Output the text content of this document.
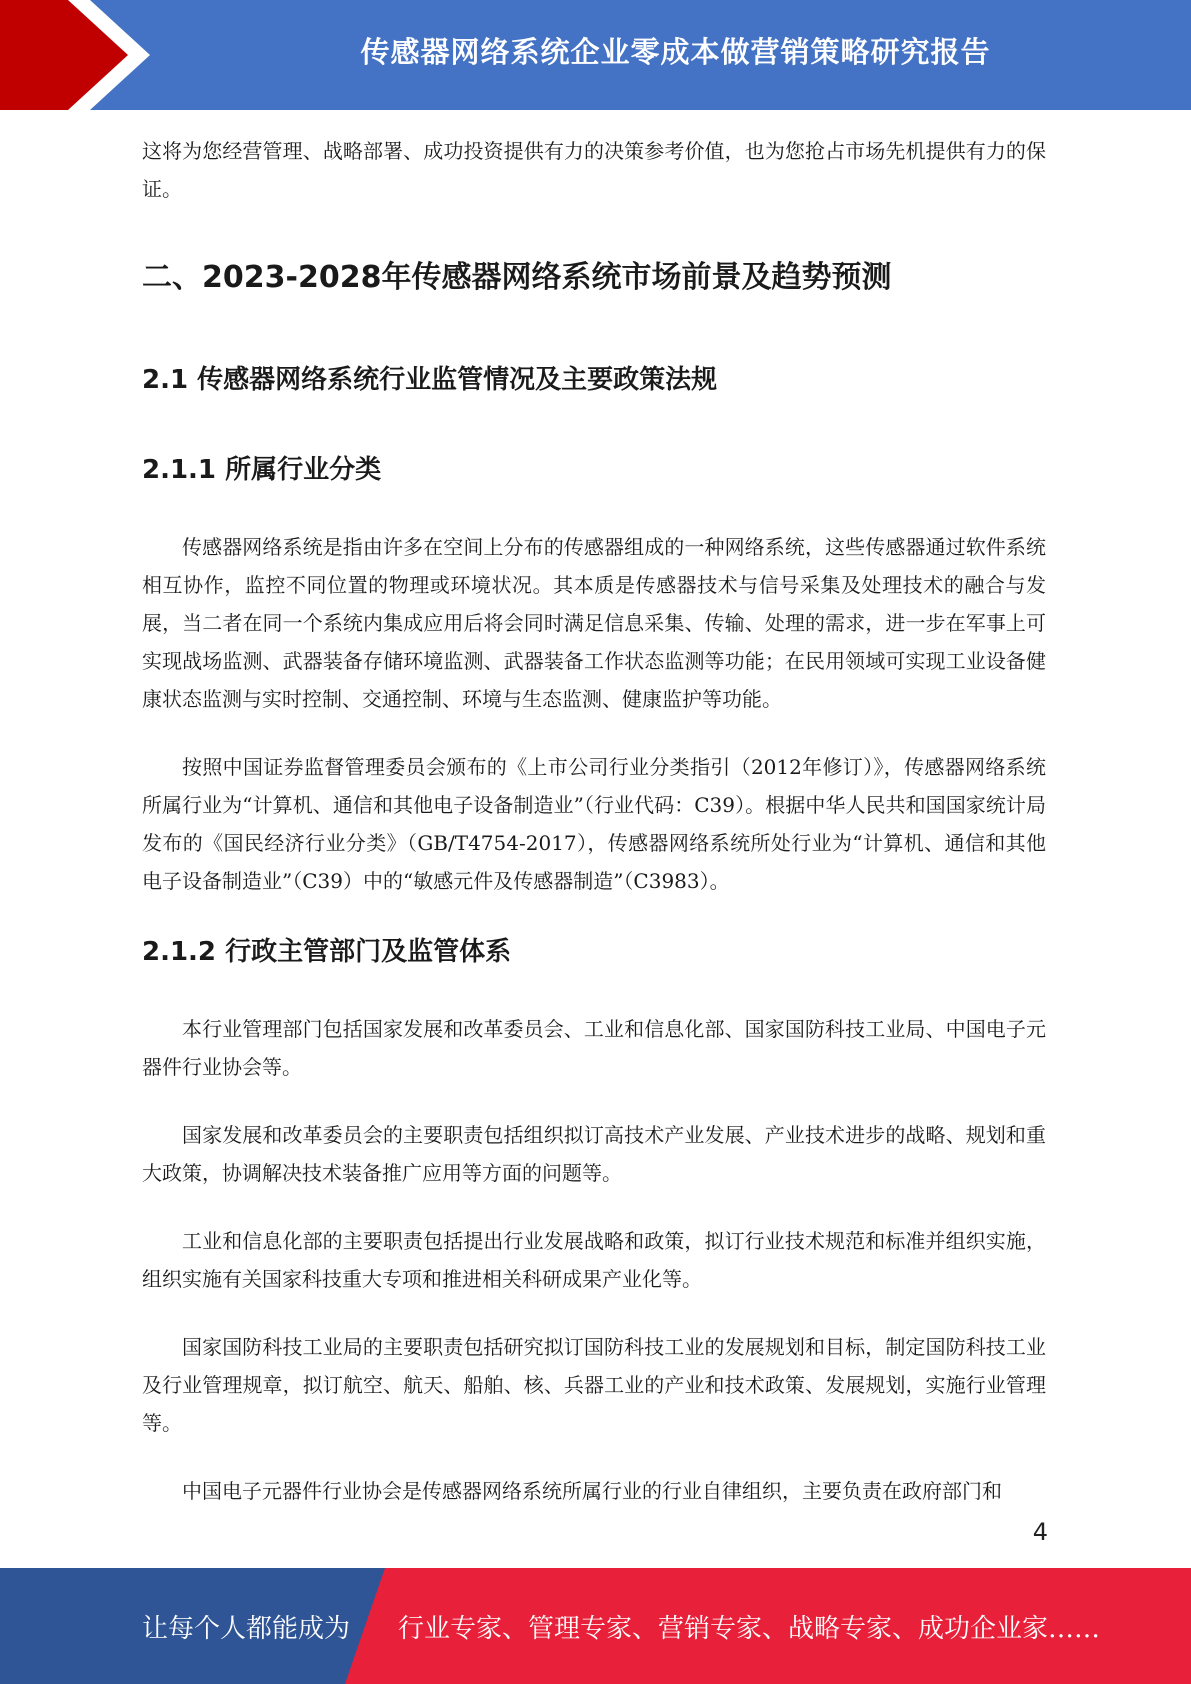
传感器网络系统企业零成本做营销策略研究报告

这将为您经营管理、战略部署、成功投资提供有力的决策参考价值，也为您抢占市场先机提供有力的保证。

二、2023-2028年传感器网络系统市场前景及趋势预测
2.1 传感器网络系统行业监管情况及主要政策法规
2.1.1 所属行业分类

传感器网络系统是指由许多在空间上分布的传感器组成的一种网络系统，这些传感器通过软件系统相互协作，监控不同位置的物理或环境状况。其本质是传感器技术与信号采集及处理技术的融合与发展，当二者在同一个系统内集成应用后将会同时满足信息采集、传输、处理的需求，进一步在军事上可实现战场监测、武器装备存储环境监测、武器装备工作状态监测等功能；在民用领域可实现工业设备健康状态监测与实时控制、交通控制、环境与生态监测、健康监护等功能。

按照中国证券监督管理委员会颁布的《上市公司行业分类指引（2012年修订）》，传感器网络系统所属行业为“计算机、通信和其他电子设备制造业”（行业代码：C39）。根据中华人民共和国国家统计局发布的《国民经济行业分类》（GB/T4754-2017），传感器网络系统所处行业为“计算机、通信和其他电子设备制造业”（C39）中的“敏感元件及传感器制造”（C3983）。

2.1.2 行政主管部门及监管体系

本行业管理部门包括国家发展和改革委员会、工业和信息化部、国家国防科技工业局、中国电子元器件行业协会等。

国家发展和改革委员会的主要职责包括组织拟订高技术产业发展、产业技术进步的战略、规划和重大政策，协调解决技术装备推广应用等方面的问题等。

工业和信息化部的主要职责包括提出行业发展战略和政策，拟订行业技术规范和标准并组织实施，组织实施有关国家科技重大专项和推进相关科研成果产业化等。

国家国防科技工业局的主要职责包括研究拟订国防科技工业的发展规划和目标，制定国防科技工业及行业管理规章，拟订航空、航天、船舶、核、兵器工业的产业和技术政策、发展规划，实施行业管理等。

中国电子元器件行业协会是传感器网络系统所属行业的行业自律组织，主要负责在政府部门和

4
让每个人都能成为 行业专家、管理专家、营销专家、战略专家、成功企业家……
